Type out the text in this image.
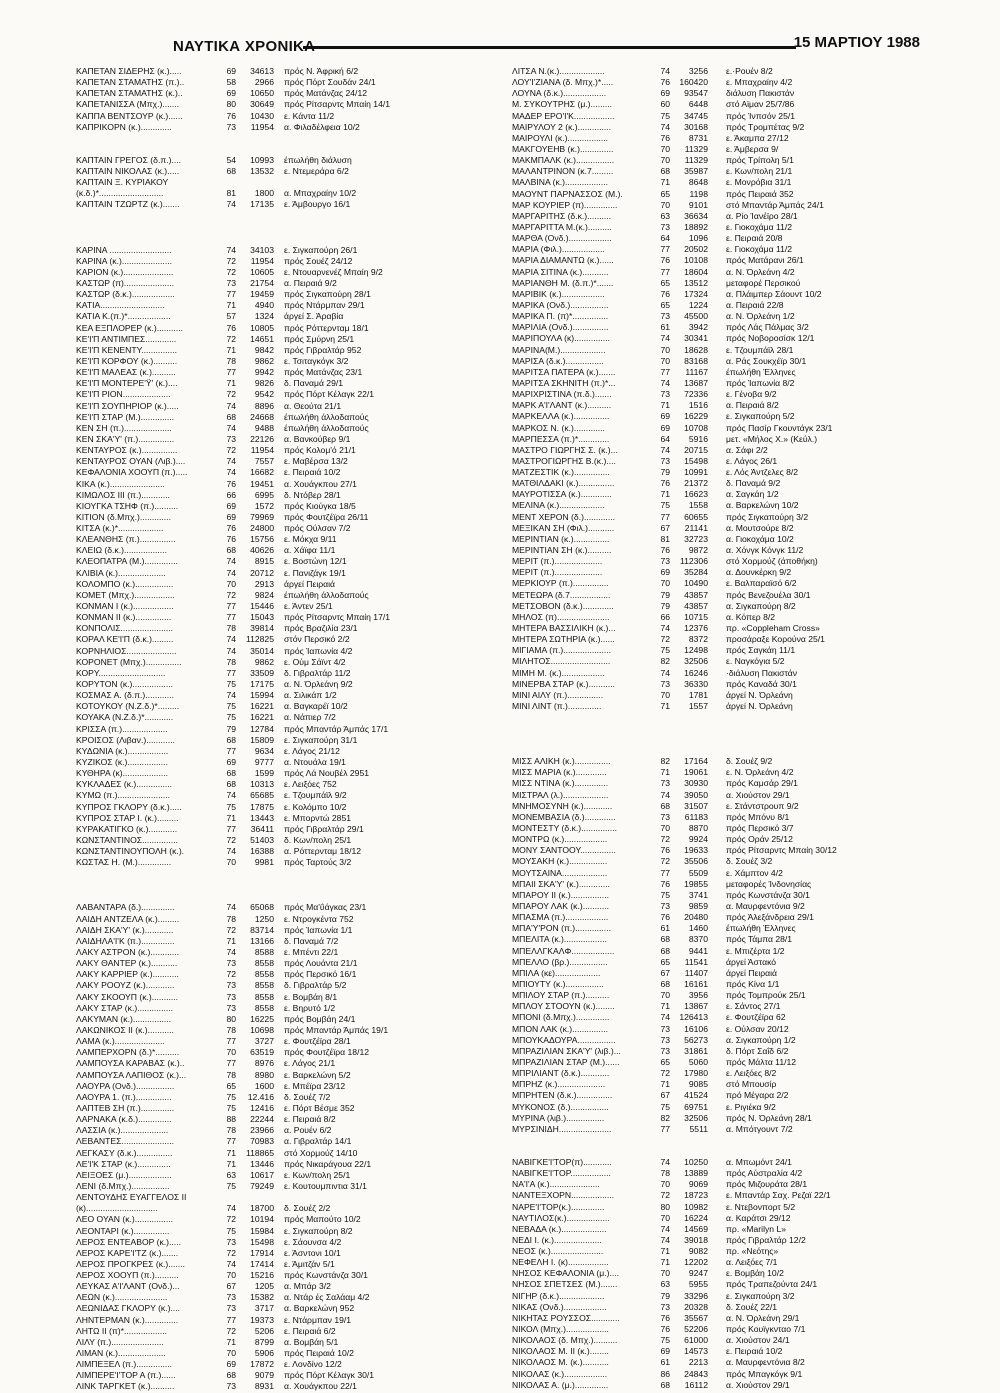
ΝΑΥΤΙΚΑ ΧΡΟΝΙΚΑ	15 ΜΑΡΤΙΟΥ 1988
ΚΑΠΕΤΑΝ ΣΙΔΕΡΗΣ (κ.).....	69	34613 πρός Ν. Άφρική 6/2
ΚΑΠΕΤΑΝ ΣΤΑΜΑΤΗΣ (π.)..	58	2966 πρός Πόρτ Σουδάν 24/1
ΚΑΠΕΤΑΝ ΣΤΑΜΑΤΗΣ (κ.)..	69	10650 πρός Ματάνζας 24/12
ΚΑΠΕΤΑΝΙΣΣΑ (Μπχ.).......	80	30649 πρός Ρίτσαρντς Μπαίη 14/1
ΚΑΠΠΑ ΒΕΝΤΣΟΥΡ (κ.)......	76	10430 ε. Κάντα 11/2
ΚΑΠΡΙΚΟΡΝ (κ.).............	73	11954 α. Φιλαδέλφεια 10/2
ΚΑΠΤΑΙΝ ΓΡΕΓΟΣ (δ.π.)....	54	10993 έπωλήθη διάλυση
ΚΑΠΤΑΙΝ ΝΙΚΟΛΑΣ (κ.).....	68	13532 ε. Ντεμεράρα 6/2
ΚΑΠΤΑΙΝ Ξ. ΚΥΡΙΑΚΟΥ
(κ.δ.)*...........................	81	1800 α. Μπαχραίην 10/2
ΚΑΠΤΑΙΝ ΤΖΩΡΤΖ (κ.).......	74	17135 ε. Άμβουργο 16/1
ΚΑΡΙΝΑ ..........................	74	34103 ε. Σιγκαπούρη 26/1
ΚΑΡΙΝΑ (κ.).....................	72	11954 πρός Σουέζ 24/12
ΚΑΡΙΟΝ (κ.).....................	72	10605 ε. Ντουαρνενέζ Μπαίη 9/2
ΚΑΣΤΩΡ (π).....................	73	21754 α. Πειραιά 9/2
ΚΑΣΤΩΡ (δ.κ.)..................	77	19459 πρός Σιγκαπούρη 28/1
ΚΑΤΙΑ...........................	71	4940 πρός Ντάρμπαν 29/1
ΚΑΤΙΑ Κ.(π.)*..................	57	1324 άργεί Σ. Άραβία
ΚΕΑ ΕΞΠΛΟΡΕΡ (κ.)...........	76	10805 πρός Ρόττερνταμ 18/1
ΚΕ'Ι'Π ΑΝΤΙΜΠΕΣ.............	72	14651 πρός Σμύρνη 25/1
ΚΕ'Ι'Π ΚΕΝΕΝΤΥ...............	71	9842 πρός Γιβραλτάρ 952
ΚΕ'Ι'Π ΚΟΡΦΟΥ (κ.)..........	78	9862 ε. Τσιταγκόγκ 3/2
ΚΕ'Ι'Π ΜΑΛΕΑΣ (κ.)..........	77	9942 πρός Ματάνζας 23/1
ΚΕ'Ι'Π ΜΟΝΤΕΡΕ'Ϋ' (κ.)....	71	9826 δ. Παναμά 29/1
ΚΕ'Ι'Π ΡΙΟΝ....................	72	9542 πρός Πόρτ Κέλαγκ 22/1
ΚΕ'Ι'Π ΣΟΥΠΗΡΙΟΡ (κ.).....	74	8896 α. Θεούτα 21/1
ΚΕ'Ι'Π ΣΤΑΡ (Μ.)..............	68	24668 έπωλήθη άλλοδαπούς
ΚΕΝ ΣΗ (π.)....................	74	9488 έπωλήθη άλλοδαπούς
ΚΕΝ ΣΚΑ'Υ' (π.)...............	73	22126 α. Βανκούβερ 9/1
ΚΕΝΤΑΥΡΟΣ (κ.)...............	72	11954 πρός Κολομ'ό 21/1
ΚΕΝΤΑΥΡΟΣ ΟΥΑΝ (Λιβ.)....	74	7557 ε. Μαβέρσα 13/2
ΚΕΦΑΛΟΝΙΑ ΧΟΟΥΠ (π.).....	74	16682 ε. Πειραιά 10/2
ΚΙΚΑ (κ.).......................	76	19451 α. Χουάγκπου 27/1
ΚΙΜΩΛΟΣ III (π.)............	66	6995 δ. Ντόβερ 28/1
ΚΙΟΥΓΚΑ ΤΣΗΦ (π.)..........	69	1572 πρός Κιούγκα 18/5
ΚΙΤΙΟΝ (δ.Μπχ.).............	69	79969 πρός Φουτζέϊρα 26/11
ΚΙΤΣΑ (κ.)*...................	76	24800 πρός Ούλσαν 7/2
ΚΛΕΑΝΘΗΣ (π.)...............	76	15756 ε. Μόκχα 9/11
ΚΛΕΙΩ (δ.κ.)..................	68	40626 α. Χάϊφα 11/1
ΚΛΕΟΠΑΤΡΑ (Μ.)..............	74	8915 ε. Βοστώνη 12/1
ΚΛΙΒΙΑ (κ.)....................	74	20712 ε. Πανιζάγκ 19/1
ΚΟΛΟΜΠΟ (κ.)................	70	2913 άργεί Πειραιά
ΚΟΜΕΤ (Μπχ.).................	72	9824 έπωλήθη άλλοδαπούς
ΚΟΝΜΑΝ Ι (κ.).................	77	15446 ε. Άντεν 25/1
ΚΟΝΜΑΝ ΙΙ (κ.)...............	77	15043 πρός Ρίτσαρντς Μπαίη 17/1
ΚΟΝΠΟΛΙΣ......................	78	39814 πρός Βραζιλία 23/1
ΚΟΡΑΛ ΚΕ'Ι'Π (δ.κ.).........	74	112825 στόν Περσικό 2/2
ΚΟΡΝΗΛΙΟΣ.....................	74	35014 πρός Ίαπωνία 4/2
ΚΟΡΟΝΕΤ (Μπχ.)...............	78	9862 ε. Ούμ Σάϊντ 4/2
ΚΟΡΥ............................	77	33509 δ. Γιβραλτάρ 11/2
ΚΟΡΥΤΟΝ (κ.).................	75	17175 α. Ν. Όρλεάνη 9/2
ΚΟΣΜΑΣ Α. (δ.π.)............	74	15994 α. Σιλικάπ 1/2
ΚΟΤΟΥΚΟΥ (Ν.Ζ.δ.)*.........	75	16221 α. Βαγκαρέϊ 10/2
ΚΟΥΑΚΑ (Ν.Ζ.δ.)*............	75	16221 α. Νάπιερ 7/2
ΚΡΙΣΣΑ (π.)...................	79	12784 πρός Μπαντάρ Άμπάς 17/1
ΚΡΟΙΣΟΣ (Λιβαν.)............	68	15809 ε. Σιγκαπούρη 31/1
ΚΥΔΩΝΙΑ (κ.).................	77	9634 ε. Λάγος 21/12
ΚΥΖΙΚΟΣ (κ.).................	69	9777 α. Ντουάλα 19/1
ΚΥΘΗΡΑ (κ)...................	68	1599 πρός Λά Νουβέλ 2951
ΚΥΚΛΑΔΕΣ (κ.)...............	68	10313 ε. Λειξόες 752
ΚΥΜΩ (π.)......................	74	65685 ε. Τζουμπάϊλ 9/2
ΚΥΠΡΟΣ ΓΚΛΟΡΥ (δ.κ.).....	75	17875 ε. Κολόμπο 10/2
ΚΥΠΡΟΣ ΣΤΑΡ Ι. (κ.).........	71	13443 ε. Μπορντώ 2851
ΚΥΡΑΚΑΤΙΓΚΟ (κ.)............	77	36411 πρός Γιβραλτάρ 29/1
ΚΩΝΣΤΑΝΤΙΝΟΣ...............	72	51403 δ. Κων/πολη 25/1
ΚΩΝΣΤΑΝΤΙΝΟΥΠΟΛΗ (κ.).	74	16388 α. Ρόττερνταμ 18/12
ΚΩΣΤΑΣ Η. (Μ.)..............	70	9981 πρός Ταρτούς 3/2
ΛΑΒΑΝΤΑΡΑ (δ.)..............	74	65068 πρός Μα'ΰάγκας 23/1
ΛΑΙΔΗ ΑΝΤΖΕΛΑ (κ.).........	78	1250 ε. Ντρογκέντα 752
ΛΑΙΔΗ ΣΚΑ'Υ' (κ.)............	72	83714 πρός Ίαπωνία 1/1
ΛΑΙΔΗΛΑ'Ι'Κ (π.)..............	71	13166 δ. Παναμά 7/2
ΛΑΚΥ ΑΣΤΡΟΝ (κ.)............	74	8588 ε. Μπέντι 22/1
ΛΑΚΥ ΘΑΝΤΕΡ (κ.)...........	73	8558 πρός Λουάντα 21/1
ΛΑΚΥ ΚΑΡΡΙΕΡ (κ.)...........	72	8558 πρός Περσικό 16/1
ΛΑΚΥ ΡΟΟΥΖ (κ.)............	73	8558 δ. Γιβραλτάρ 5/2
ΛΑΚΥ ΣΚΟΟΥΠ (κ.)...........	73	8558 ε. Βομβάη 8/1
ΛΑΚΥ ΣΤΑΡ (κ.)...............	73	8558 ε. Βηρυτό 1/2
ΛΑΚΥΜΑΝ (κ.)................	80	16225 πρός Βομβάη 24/1
ΛΑΚΩΝΙΚΟΣ ΙΙ (κ.)...........	78	10698 πρός Μπαντάρ Άμπάς 19/1
ΛΑΜΑ (κ.).....................	77	3727 ε. Φουτζέϊρα 28/1
ΛΑΜΠΕΡΧΟΡΝ (δ.)*..........	70	63519 πρός Φουτζέϊρα 18/12
ΛΑΜΠΟΥΣΑ ΚΑΡΑΒΑΣ (κ.)..	77	8976 ε. Λάγος 21/1
ΛΑΜΠΟΥΣΑ ΛΑΠΙΘΟΣ (κ.)...	78	8980 ε. Βαρκελώνη 5/2
ΛΑΟΥΡΑ (Ονδ.)................	65	1600 ε. Μπέϊρα 23/12
ΛΑΟΥΡΑ 1. (π.)...............	75	12.416 δ. Σουέζ 7/2
ΛΑΠΤΕΒ ΣΗ (π.)..............	75	12416 ε. Πόρτ Βέσμε 352
ΛΑΡΝΑΚΑ (κ.δ.)..............	88	22244 ε. Πειραιά 8/2
ΛΑΣΣΙΑ (κ.)....................	78	23966 α. Ρουέν 6/2
ΛΕΒΑΝΤΕΣ......................	77	70983 α. Γιβραλτάρ 14/1
ΛΕΓΚΑΣΥ (δ.κ.)...............	71	118865 στό Χορμούζ 14/10
ΛΕ'Ι'Κ ΣΤΑΡ (κ.)..............	71	13446 πρός Νικαράγουα 22/1
ΛΕΙΞΟΕΣ (μ.)..................	63	10617 ε. Κων/πολη 25/1
ΛΕΝΙ (δ.Μπχ.)................	75	79249 ε. Κουτουμπιντια 31/1
ΛΕΝΤΟΥΔΗΣ ΕΥΑΓΓΕΛΟΣ ΙΙ
(κ)..............................	74	18700 δ. Σουέζ 2/2
ΛΕΟ ΟΥΑΝ (κ.)................	72	10194 πρός Μαπούτο 10/2
ΛΕΟΝΤΑΡΙ (κ.)...............	75	15984 ε. Σιγκαπούρη 8/2
ΛΕΡΟΣ ΕΝΤΕΑΒΟΡ (κ.).....	73	15498 ε. Σάουνσα 4/2
ΛΕΡΟΣ ΚΑΡΕ'Ι'ΤΖ (κ.).......	72	17914 ε. Άσντονι 10/1
ΛΕΡΟΣ ΠΡΟΓΚΡΕΣ (κ.).......	74	17414 ε. Άμιτζάν 5/1
ΛΕΡΟΣ ΧΟΟΥΠ (π.)..........	70	15216 πρός Κωνστάνζα 30/1
ΛΕΥΚΑΣ Α'Ι'ΛΑΝΤ (Ονδ.)...	67	1205 α. Μπάρ 3/2
ΛΕΩΝ (κ.)......................	73	15382 α. Ντάρ ές Σαλάαμ 4/2
ΛΕΩΝΙΔΑΣ ΓΚΛΟΡΥ (κ.)....	73	3717 α. Βαρκελώνη 952
ΛΗΝΤΕΡΜΑΝ (κ.)..............	77	19373 ε. Ντάρμπαν 19/1
ΛΗΤΩ ΙΙ (π)*..................	72	5206 ε. Πειραιά 6/2
ΛΙΛΥ (π.)......................	71	8799 α. Βομβάη 5/1
ΛΙΜΑΝ (κ.)....................	70	5906 πρός Πειραιά 10/2
ΛΙΜΠΕΞΕΛ (π.)...............	69	17872 ε. Λονδίνο 12/2
ΛΙΜΠΕΡΕ'Ι'ΤΟΡ Α (π.)......	68	9079 πρός Πόρτ Κέλαγκ 30/1
ΛΙΝΚ ΤΑΡΓΚΕΤ (κ.)..........	73	8931 α. Χουάγκπου 22/1
ΛΙΤΣΑ Ν.(κ.)...................	74	3256 ε.·Ρουέν 8/2
ΛΟΥ'Ι'ΖΙΑΝΑ (δ. Μπχ.)*.....	76	160420 ε. Μπαχραίην 4/2
ΛΟΥΝΑ (δ.κ.)..................	69	93547 διάλυση Πακιστάν
Μ. ΣΥΚΟΥΤΡΗΣ (μ.).........	60	6448 στό Αϊμαν 25/7/86
ΜΑΔΕΡ ΕΡΟ'Ι'Κ.................	75	34745 πρός Ίνπσόν 25/1
ΜΑΙΡΥΛΟΥ 2 (κ.)..............	74	30168 πρός Τρομπέτας 9/2
ΜΑΙΡΟΥΛΙ (κ.).................	76	8731 ε. Άκαμπα 27/12
ΜΑΚΓΟΥΕΗΒ (κ.)..............	70	11329 ε. Άμβερσα 9/
ΜΑΚΜΠΑΛΚ (κ.)................	70	11329 πρός Τρίπολη 5/1
ΜΑΛΑΝΤΡΙΝΟΝ (κ.7.........	68	35987 ε. Κων/πολη 21/1
ΜΑΛΒΙΝΑ (κ.)..................	71	8648 ε. Μονρόβια 31/1
ΜΑΟΥΝΤ ΠΑΡΝΑΣΣΟΣ (Μ.).	65	1198 πρός Πειραιά 352
ΜΑΡ ΚΟΥΡΙΕΡ (π)..............	70	9101 στό Μπαντάρ Άμπάς 24/1
ΜΑΡΓΑΡΙΤΗΣ (δ.κ.)..........	63	36634 α. Ρίο Ίανέϊρο 28/1
ΜΑΡΓΑΡΙΤΤΑ Μ.(κ.)..........	73	18892 ε. Γιοκοχάμα 11/2
ΜΑΡΘΑ (Ονδ.)..................	64	1096 ε. Πειραιά 20/8
ΜΑΡΙΑ (Φιλ.)..................	77	20502 ε. Γιοκοχάμα 11/2
ΜΑΡΙΑ ΔΙΑΜΑΝΤΩ (κ.)......	76	10108 πρός Ματάρανι 26/1
ΜΑΡΙΑ ΣΙΤΙΝΑ (κ.)...........	77	18604 α. Ν. Όρλεάνη 4/2
ΜΑΡΙΑΝΘΗ Μ. (δ.π.)*.......	65	13512 μεταφορέ Περσικού
ΜΑΡΙΒΙΚ (κ.)..................	76	17324 α. Πλάιμπερ Σάουντ 10/2
ΜΑΡΙΚΑ (Ονδ.)................	65	1224 α. Πειραιά 22/8
ΜΑΡΙΚΑ Π. (π)*...............	73	45500 α. Ν. Όρλεάνη 1/2
ΜΑΡΙΛΙΑ (Ονδ.)...............	61	3942 πρός Λάς Πάλμας 3/2
ΜΑΡΙΠΟΥΛΑ (κ)...............	74	30341 πρός Νοβοροσίσκ 12/1
ΜΑΡΙΝΑ(Μ.)...................	70	18628 ε. Τζουμπάϊλ 28/1
ΜΑΡΙΣΑ (δ.κ.)................	70	83168 α. Ράς Σουκχέϊρ 30/1
ΜΑΡΙΤΣΑ ΠΑΤΕΡΑ (κ.).......	77	11167 έπωλήθη Έλληνες
ΜΑΡΙΤΣΑ ΣΚΗΝΙΤΗ (π.)*...	74	13687 πρός Ίαπωνία 8/2
ΜΑΡΙΧΡΙΣΤΙΝΑ (π.δ.).......	73	72336 ε. Γένοβα 9/2
ΜΑΡΚ Α'Ι'ΛΑΝΤ (κ.)..........	71	1516 α. Πειραιά 8/2
ΜΑΡΚΕΛΛΑ (κ.)...............	69	16229 ε. Σιγκαπούρη 5/2
ΜΑΡΚΟΣ Ν. (κ.).............	69	10708 πρός Πασίρ Γκουντάγκ 23/1
ΜΑΡΠΕΣΣΑ (π.)*.............	64	5916 μετ. «Μήλος Χ.» (Κεύλ.)
ΜΑΣΤΡΟ ΓΙΩΡΓΗΣ Σ. (κ.)...	74	20715 α. Σάφι 2/2
ΜΑΣΤΡΟΓΙΩΡΓΗΣ Β.(κ.)....	73	15498 ε. Λάγος 26/1
ΜΑΤΖΕΣΤΙΚ (κ.)...............	79	10991 ε. Λός Άντζελες 8/2
ΜΑΤΘΙΛΔΑΚΙ (κ.)...............	76	21372 δ. Παναμά 9/2
ΜΑΥΡΟΤΙΣΣΑ (κ.).............	71	16623 α. Σαγκάη 1/2
ΜΕΛΙΝΑ (κ.)...................	75	1558 α. Βαρκελώνη 10/2
ΜΕΝΤ ΧΕΡΟΝ (δ.).............	77	60655 πρός Σιγκαπούρη 3/2
ΜΕΞΙΚΑΝ ΣΗ (Φιλ.)...........	67	21141 α. Μουτσούρε 8/2
ΜΕΡΙΝΤΙΑΝ (κ.)...............	81	32723 α. Γιοκοχάμα 10/2
ΜΕΡΙΝΤΙΑΝ ΣΗ (κ.)..........	76	9872 α. Χόνγκ Κόνγκ 11/2
ΜΕΡΙΤ (π.)....................	73	112306 στό Χορμούζ (άποθήκη)
ΜΕΡΙΤ (π.)....................	69	35284 α. Δουνκέρκη 9/2
ΜΕΡΚΙΟΥΡ (π.)...............	70	10490 ε. Βαλπαραϊσό 6/2
ΜΕΤΕΩΡΑ (δ.7.................	79	43857 πρός Βενεζουέλα 30/1
ΜΕΤΣΟΒΟΝ (δ.κ.).............	79	43857 α. Σιγκαπούρη 8/2
ΜΗΛΟΣ (π)......................	66	10715 α. Κόπερ 8/2
ΜΗΤΕΡΑ ΒΑΣΣΙΛΙΚΗ (κ.)...	74	12376 πρ. «Coppleham Cross»
ΜΗΤΕΡΑ ΣΩΤΗΡΙΑ (κ.)......	72	8372 προσάραξε Κορούνα 25/1
ΜΙΓΙΑΜΑ (π.)....................	75	12498 πρός Σαγκάη 11/1
ΜΙΛΗΤΟΣ.........................	82	32506 ε. Ναγκόγια 5/2
ΜΙΜΗ Μ. (κ.)..................	74	16246 ·διάλυση Πακιστάν
ΜΙΝΕΡΒΑ ΣΤΑΡ (κ.)...........	73	36330 πρός Καναδά 30/1
ΜΙΝΙ ΑΙΛΥ (π.)...............	70	1781 άργεί Ν. Όρλεάνη
ΜΙΝΙ ΛΙΝΤ (π.)..............	71	1557 άργεί Ν. Όρλεάνη
ΜΙΣΣ ΑΛΙΚΗ (κ.)...............	82	17164 δ. Σουέζ 9/2
ΜΙΣΣ ΜΑΡΙΑ (κ.).............	71	19061 ε. Ν. Όρλεάνη 4/2
ΜΙΣΣ ΝΤΙΝΑ (κ.)..............	73	30930 πρός Καμσάρ 29/1
ΜΙΣΤΡΑΛ (λ.)...................	74	39050 α. Χιούστον 29/1
ΜΝΗΜΟΣΥΝΗ (κ.)............	68	31507 ε. Στάντστρουπ 9/2
ΜΟΝΕΜΒΑΣΙΑ (δ.).............	73	61183 πρός Μπόνυ 8/1
ΜΟΝΤΕΣΤΥ (δ.κ.)...............	70	8870 πρός Περσικό 3/7
ΜΟΝΤΡΩ (κ.)..................	72	9924 πρός Οράν 25/12
ΜΟΝΥ ΣΑΝΤΟΟΥ...............	76	19633 πρός Ρίτσαρντς Μπαίη 30/12
ΜΟΥΣΑΚΗ (κ.)................	72	35506 δ. Σουέζ 3/2
ΜΟΥΤΣΑΙΝΑ...................	77	5509 ε. Χάμπτον 4/2
ΜΠΑΙΙ ΣΚΑ'Υ' (κ.).............	76	19855 μεταφορές Ίνδονησίας
ΜΠΑΡΟΥ ΙΙ (κ.)................	75	3741 πρός Κωνστάνζα 30/1
ΜΠΑΡΟΥ ΛΑΚ (κ.)...........	73	9859 α. Μαυρφεντόνια 9/2
ΜΠΑΣΜΑ (π.)..................	76	20480 πρός Άλεξάνδρεια 29/1
ΜΠΑ'Υ'ΡΟΝ (π.)...............	61	1460 έπωλήθη Έλληνες
ΜΠΕΛΙΤΑ (κ.)..................	68	8370 πρός Τάμπα 28/1
ΜΠΕΛΛΓΚΑΛΦ..................	68	9441 ε. Μπιζέρτα 1/2
ΜΠΕΛΛΟ (βρ.)................	65	11541 άργεί Άστακό
ΜΠΙΛΑ (κε)...................	67	11407 άργεί Πειραιά
ΜΠΙΟΥΤΥ (κ.)................	68	16161 πρός Κίνα 1/1
ΜΠΙΛΟΥ ΣΤΑΡ (π.)..........	70	3956 πρός Τομπρούκ 25/1
ΜΠΛΟΥ ΣΤΟΟΥΝ (κ.)........	71	13867 ε. Σάντος 27/1
ΜΠΟΝΙ (δ.Μπχ.)..............	74	126413 ε. Φουτζέϊρα 62
ΜΠΟΝ ΛΑΚ (κ.)...............	73	16106 ε. Ούλσαν 20/12
ΜΠΟΥΚΑΔΟΥΡΑ................	73	56273 α. Σιγκαπούρη 1/2
ΜΠΡΑΖΙΛΙΑΝ ΣΚΑ'Υ' (λιβ.)...	73	31861 δ. Πόρτ Σαΐδ 6/2
ΜΠΡΑΖΙΛΙΑΝ ΣΤΑΡ (Μ.)......	65	5060 πρός Μάλτα 11/12
ΜΠΡΙΛΙΑΝΤ (δ.κ.)............	72	17980 ε. Λειξόες 8/2
ΜΠΡΗΖ (κ.)....................	71	9085 στό Μπουσίρ
ΜΠΡΗΤΕΝ (δ.κ.)...............	67	41524 πρό Μέγαρα 2/2
ΜΥΚΟΝΟΣ (δ.)................	75	69751 ε. Ριγιέκα 9/2
ΜΥΡΙΝΑ (λιβ.)................	82	32506 πρός Ν. Όρλεάνη 28/1
ΜΥΡΣΙΝΙΔΗ......................	77	5511 α. Μπότγουντ 7/2
ΝΑΒΙΓΚΕ'Ι'ΤΟΡ(π)............	74	10250 α. Μπωμόντ 24/1
ΝΑΒΙΓΚΕ'Ι'ΤΟΡ.................	78	13889 πρός Αύστραλία 4/2
ΝΑ'Ι'Α (κ.).....................	70	9069 πρός Μιζουράτα 28/1
ΝΑΝΤΕΞΧΟΡΝ..................	72	18723 ε. Μπαντάρ Σαχ. Ρεζαϊ 22/1
ΝΑΡΕ'Ι'ΤΟΡ(κ.)..............	80	10982 ε. Ντεβονπορτ 5/2
ΝΑΥΤΙΛΟΣ(κ.)..................	70	16224 α. Καράτσι 29/12
ΝΕΒΑΔΑ (κ.)...................	74	14569 πρ. «Marilyn L»
ΝΕΔΙ Ι. (κ.)....................	74	39018 πρός Γιβραλτάρ 12/2
ΝΕΟΣ (κ.)......................	71	9082 πρ. «Νεότης»
ΝΕΦΕΛΗ Ι. (κ).................	71	12202 α. Λειξόες 7/1
ΝΗΣΟΣ ΚΕΦΑΛΟΝΙΑ (μ.)....	70	9247 ε. Βομβάη 10/2
ΝΗΣΟΣ ΣΠΕΤΣΕΣ (Μ.).......	63	5955 πρός Τραπεζούντα 24/1
ΝΙΓΗΡ (δ.κ.)...................	79	33296 ε. Σιγκαπούρη 3/2
ΝΙΚΑΣ (Ονδ.)..................	73	20328 δ. Σουέζ 22/1
ΝΙΚΗΤΑΣ ΡΟΥΣΣΟΣ............	76	35567 α. Ν. Όρλεάνη 29/1
ΝΙΚΟΛ (Μπχ.)..................	76	52206 πρός Κουϊγκνταο 7/1
ΝΙΚΟΛΑΟΣ (δ. Μπχ.)..........	75	61000 α. Χιούστον 24/1
ΝΙΚΟΛΑΟΣ Μ. ΙΙ (κ.)........	69	14573 ε. Πειραιά 10/2
ΝΙΚΟΛΑΟΣ Μ. (κ.)...........	61	2213 α. Μαυρφεντόνια 8/2
ΝΙΚΟΛΑΣ (κ.)..................	86	24843 πρός Μπαγκόγκ 9/1
ΝΙΚΟΛΑΣ Α. (μ.)..............	68	16112 α. Χιούστον 29/1
